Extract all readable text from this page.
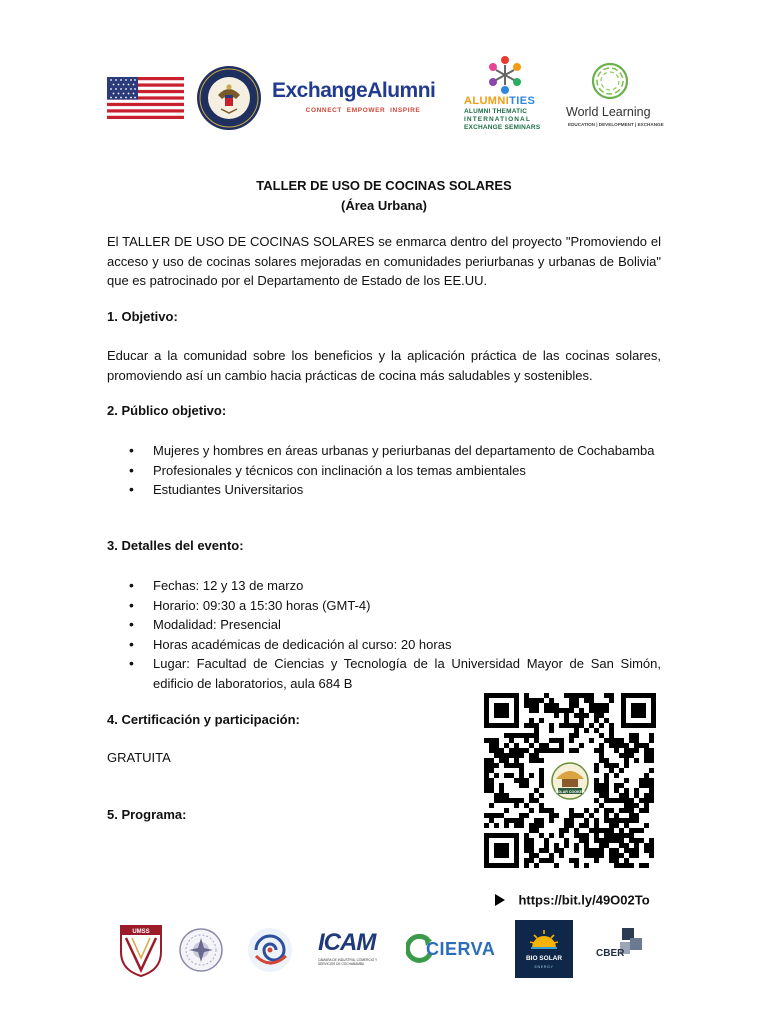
ExchangeAlumni
CONNECT  EMPOWER  INSPIRE
ALUMNITIES
ALUMNI THEMATIC
INTERNATIONAL
EXCHANGE SEMINARS
World Learning
EDUCATION | DEVELOPMENT | EXCHANGE
TALLER DE USO DE COCINAS SOLARES
(Área Urbana)
El TALLER DE USO DE COCINAS SOLARES se enmarca dentro del proyecto "Promoviendo el acceso y uso de cocinas solares mejoradas en comunidades periurbanas y urbanas de Bolivia" que es patrocinado por el Departamento de Estado de los EE.UU.
1. Objetivo:
Educar a la comunidad sobre los beneficios y la aplicación práctica de las cocinas solares, promoviendo así un cambio hacia prácticas de cocina más saludables y sostenibles.
2. Público objetivo:
• Mujeres y hombres en áreas urbanas y periurbanas del departamento de Cochabamba
• Profesionales y técnicos con inclinación a los temas ambientales
• Estudiantes Universitarios
3. Detalles del evento:
• Fechas: 12 y 13 de marzo
• Horario: 09:30 a 15:30 horas (GMT-4)
• Modalidad: Presencial
• Horas académicas de dedicación al curso: 20 horas
• Lugar: Facultad de Ciencias y Tecnología de la Universidad Mayor de San Simón, edificio de laboratorios, aula 684 B
4. Certificación y participación:
GRATUITA
5. Programa:
SOLAR COOKER
https://bit.ly/49O02To
UMSS	ICAM
CÁMARA DE INDUSTRIA, COMERCIO Y SERVICIOS DE COCHABAMBA
CIERVA	BIO SOLAR
ENERGY
CBER
